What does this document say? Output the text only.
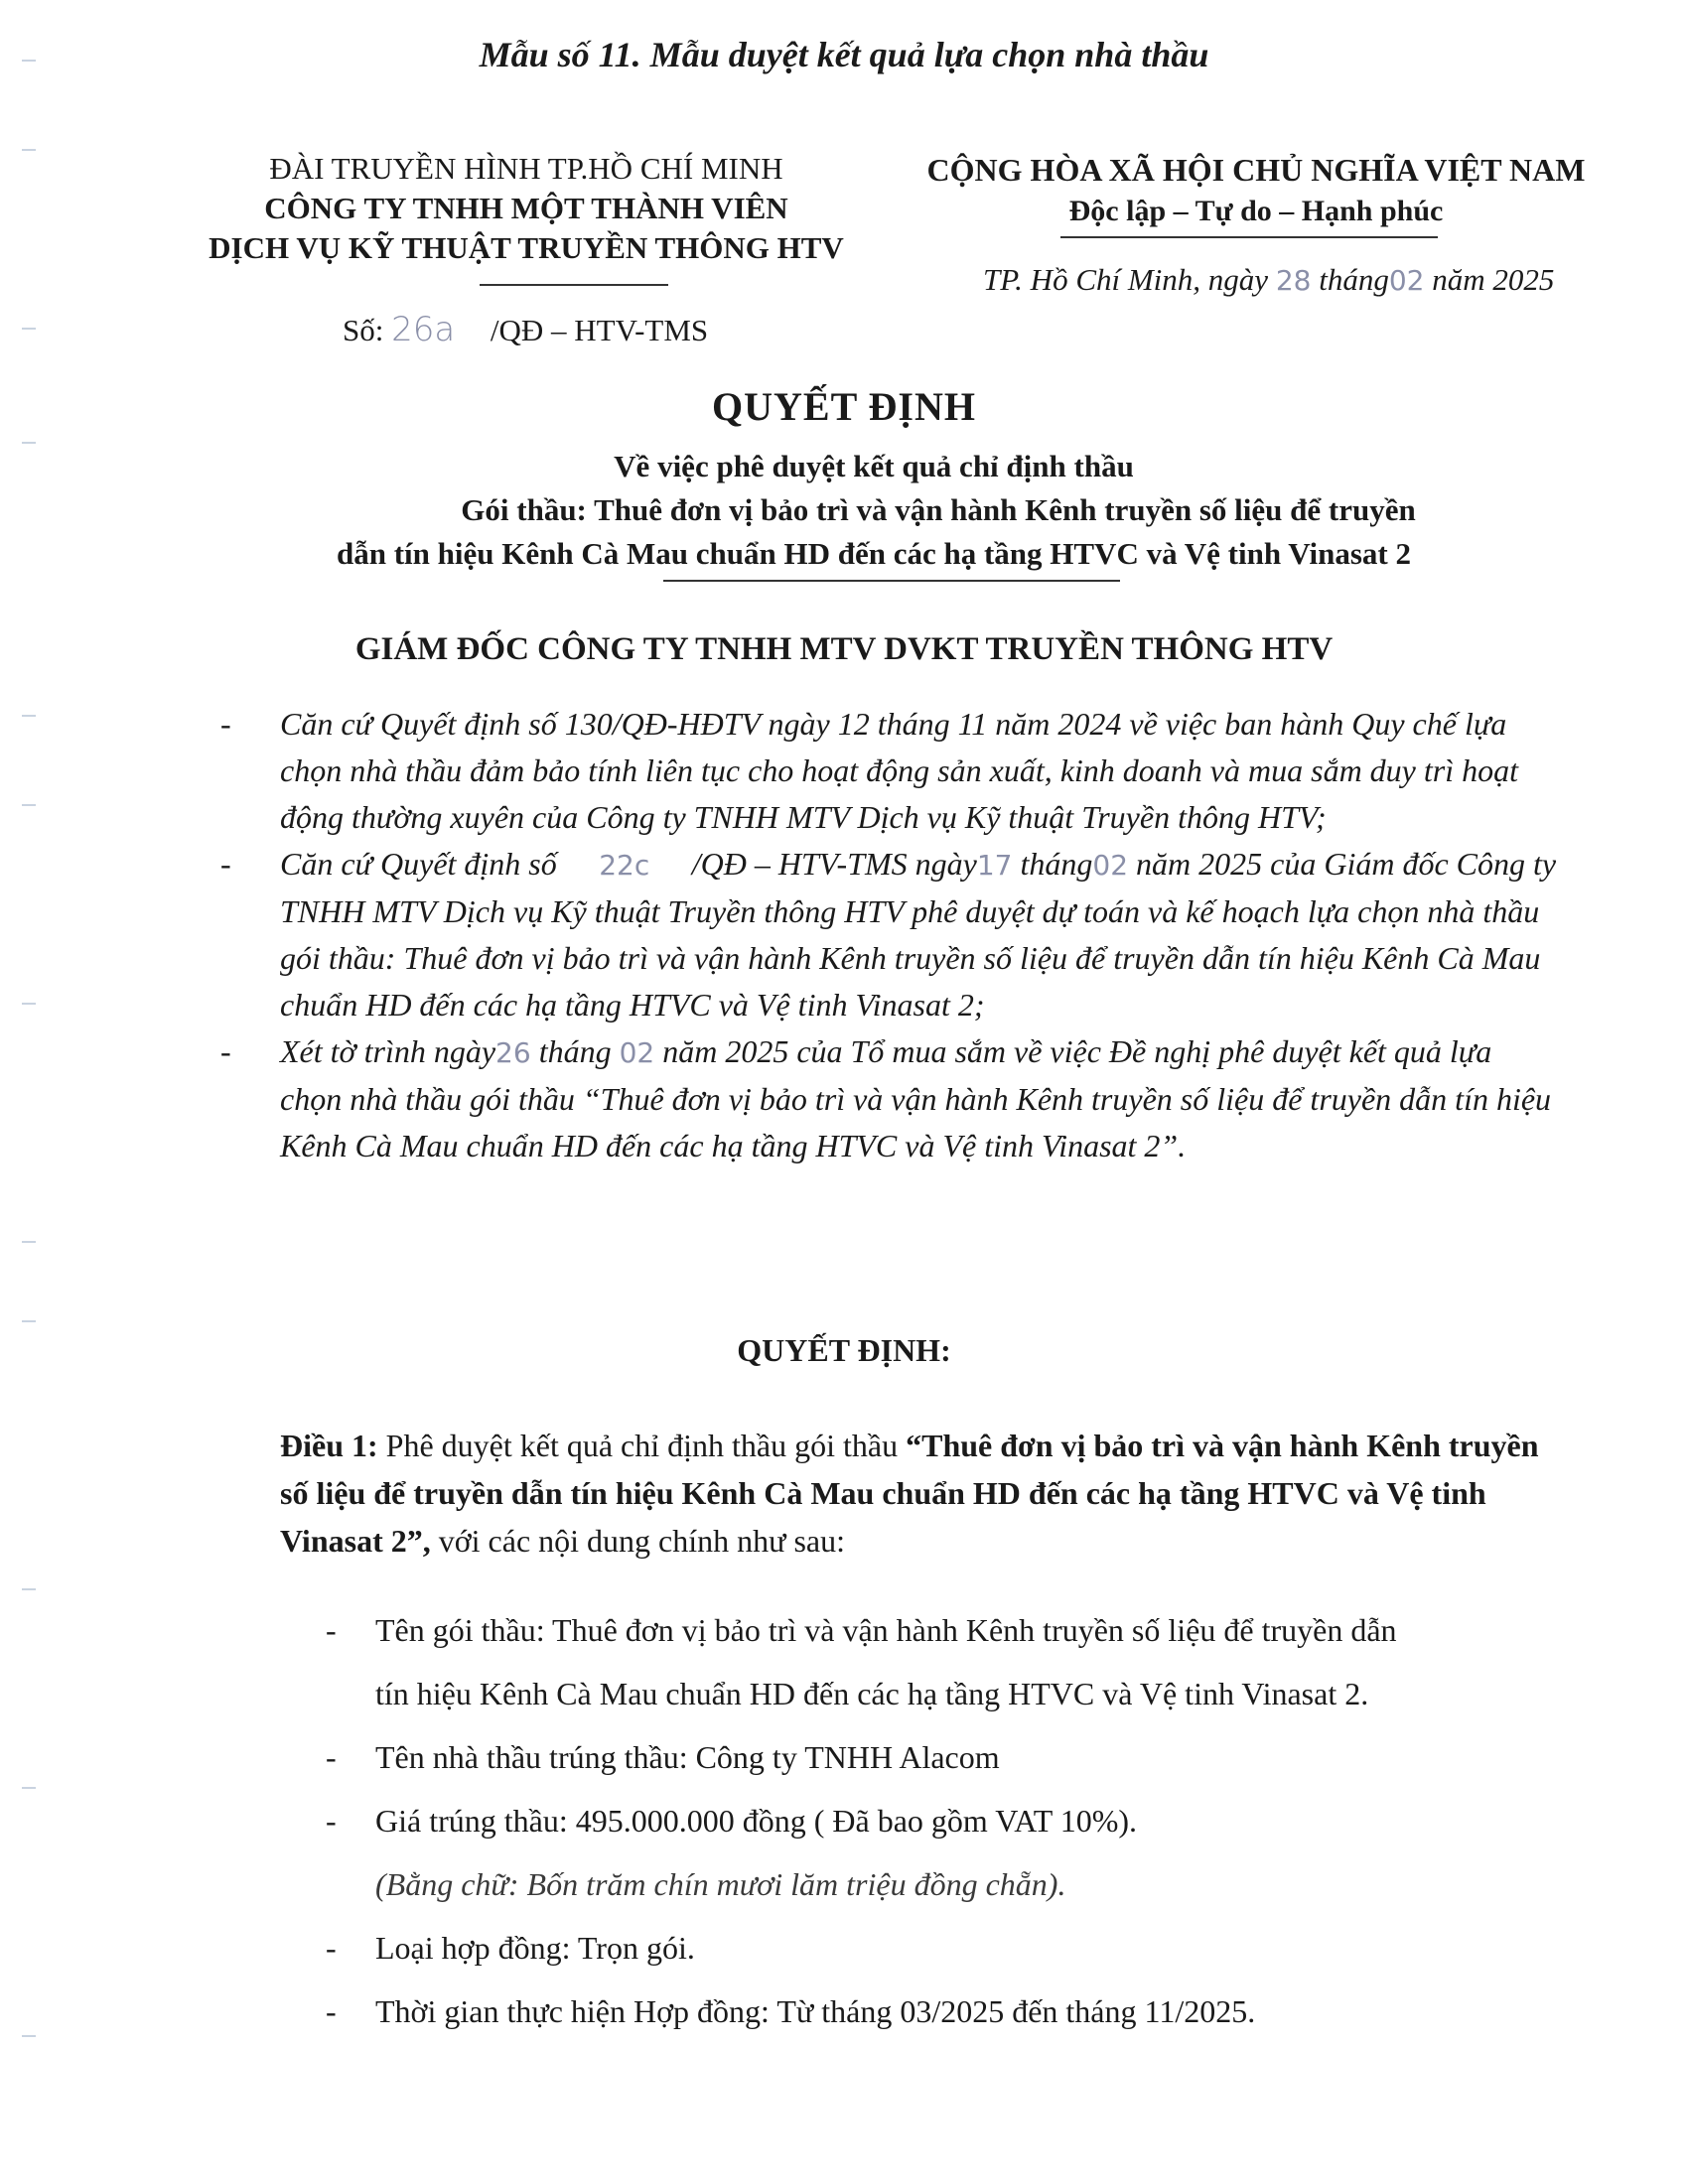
Mẫu số 11. Mẫu duyệt kết quả lựa chọn nhà thầu
ĐÀI TRUYỀN HÌNH TP.HỒ CHÍ MINH
CÔNG TY TNHH MỘT THÀNH VIÊN
DỊCH VỤ KỸ THUẬT TRUYỀN THÔNG HTV
Số: 26a /QĐ – HTV-TMS
CỘNG HÒA XÃ HỘI CHỦ NGHĨA VIỆT NAM
Độc lập – Tự do – Hạnh phúc
TP. Hồ Chí Minh, ngày 28 tháng02 năm 2025
QUYẾT ĐỊNH
Về việc phê duyệt kết quả chỉ định thầu
Gói thầu: Thuê đơn vị bảo trì và vận hành Kênh truyền số liệu để truyền
dẫn tín hiệu Kênh Cà Mau chuẩn HD đến các hạ tầng HTVC và Vệ tinh Vinasat 2
GIÁM ĐỐC CÔNG TY TNHH MTV DVKT TRUYỀN THÔNG HTV
- Căn cứ Quyết định số 130/QĐ-HĐTV ngày 12 tháng 11 năm 2024 về việc ban hành Quy chế lựa chọn nhà thầu đảm bảo tính liên tục cho hoạt động sản xuất, kinh doanh và mua sắm duy trì hoạt động thường xuyên của Công ty TNHH MTV Dịch vụ Kỹ thuật Truyền thông HTV;
- Căn cứ Quyết định số 22c /QĐ – HTV-TMS ngày17 tháng02 năm 2025 của Giám đốc Công ty TNHH MTV Dịch vụ Kỹ thuật Truyền thông HTV phê duyệt dự toán và kế hoạch lựa chọn nhà thầu gói thầu: Thuê đơn vị bảo trì và vận hành Kênh truyền số liệu để truyền dẫn tín hiệu Kênh Cà Mau chuẩn HD đến các hạ tầng HTVC và Vệ tinh Vinasat 2;
- Xét tờ trình ngày26 tháng 02 năm 2025 của Tổ mua sắm về việc Đề nghị phê duyệt kết quả lựa chọn nhà thầu gói thầu “Thuê đơn vị bảo trì và vận hành Kênh truyền số liệu để truyền dẫn tín hiệu Kênh Cà Mau chuẩn HD đến các hạ tầng HTVC và Vệ tinh Vinasat 2”.
QUYẾT ĐỊNH:
Điều 1: Phê duyệt kết quả chỉ định thầu gói thầu “Thuê đơn vị bảo trì và vận hành Kênh truyền số liệu để truyền dẫn tín hiệu Kênh Cà Mau chuẩn HD đến các hạ tầng HTVC và Vệ tinh Vinasat 2”, với các nội dung chính như sau:
- Tên gói thầu: Thuê đơn vị bảo trì và vận hành Kênh truyền số liệu để truyền dẫn
tín hiệu Kênh Cà Mau chuẩn HD đến các hạ tầng HTVC và Vệ tinh Vinasat 2.
- Tên nhà thầu trúng thầu: Công ty TNHH Alacom
- Giá trúng thầu: 495.000.000 đồng ( Đã bao gồm VAT 10%).
(Bằng chữ: Bốn trăm chín mươi lăm triệu đồng chẵn).
- Loại hợp đồng: Trọn gói.
- Thời gian thực hiện Hợp đồng: Từ tháng 03/2025 đến tháng 11/2025.
